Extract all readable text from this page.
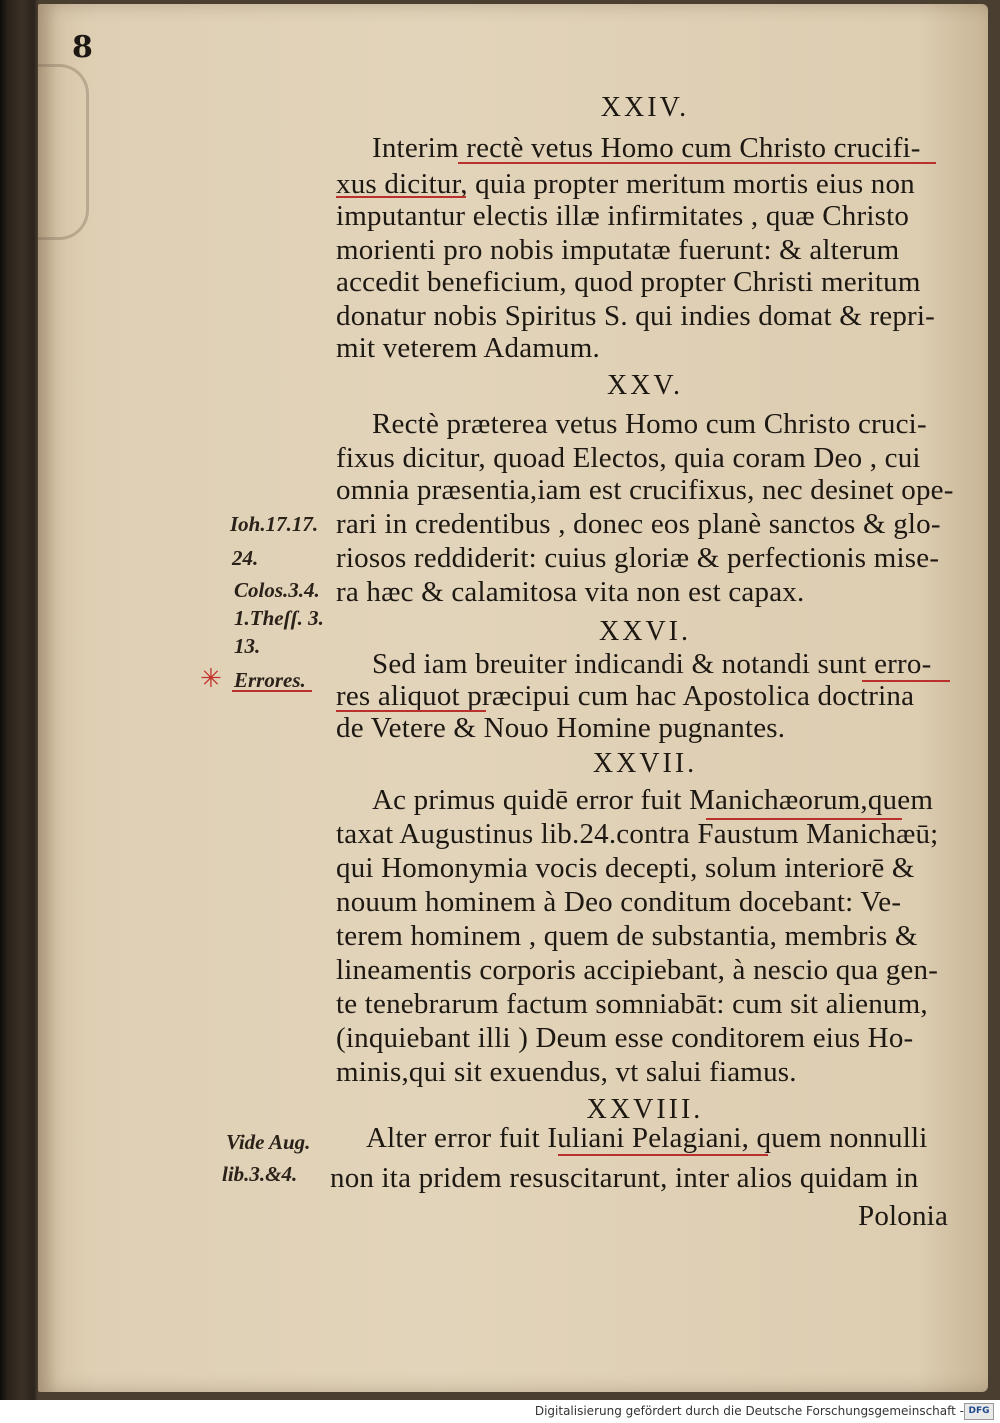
8
XXIV.
Interim rectè vetus Homo cum Christo crucifi-
xus dicitur, quia propter meritum mortis eius non
imputantur electis illæ infirmitates , quæ Christo
morienti pro nobis imputatæ fuerunt: & alterum
accedit beneficium, quod propter Christi meritum
donatur nobis Spiritus S. qui indies domat & repri-
mit veterem Adamum.
XXV.
Rectè præterea vetus Homo cum Christo cruci-
fixus dicitur, quoad Electos, quia coram Deo , cui
omnia præsentia,iam est crucifixus, nec desinet ope-
rari in credentibus , donec eos planè sanctos & glo-
riosos reddiderit: cuius gloriæ & perfectionis mise-
ra hæc & calamitosa vita non est capax.
XXVI.
Sed iam breuiter indicandi & notandi sunt erro-
res aliquot præcipui cum hac Apostolica doctrina
de Vetere & Nouo Homine pugnantes.
XXVII.
Ac primus quidē error fuit Manichæorum,quem
taxat Augustinus lib.24.contra Faustum Manichæū;
qui Homonymia vocis decepti, solum interiorē &
nouum hominem à Deo conditum docebant: Ve-
terem hominem , quem de substantia, membris &
lineamentis corporis accipiebant, à nescio qua gen-
te tenebrarum factum somniabāt: cum sit alienum,
(inquiebant illi ) Deum esse conditorem eius Ho-
minis,qui sit exuendus, vt salui fiamus.
XXVIII.
Alter error fuit Iuliani Pelagiani, quem nonnulli
non ita pridem resuscitarunt, inter alios quidam in
Polonia
Ioh.17.17.
24.
Colos.3.4.
1.Theſſ. 3.
13.
✳ Errores.
Vide Aug.
lib.3.&4.
Digitalisierung gefördert durch die Deutsche Forschungsgemeinschaft - DFG
